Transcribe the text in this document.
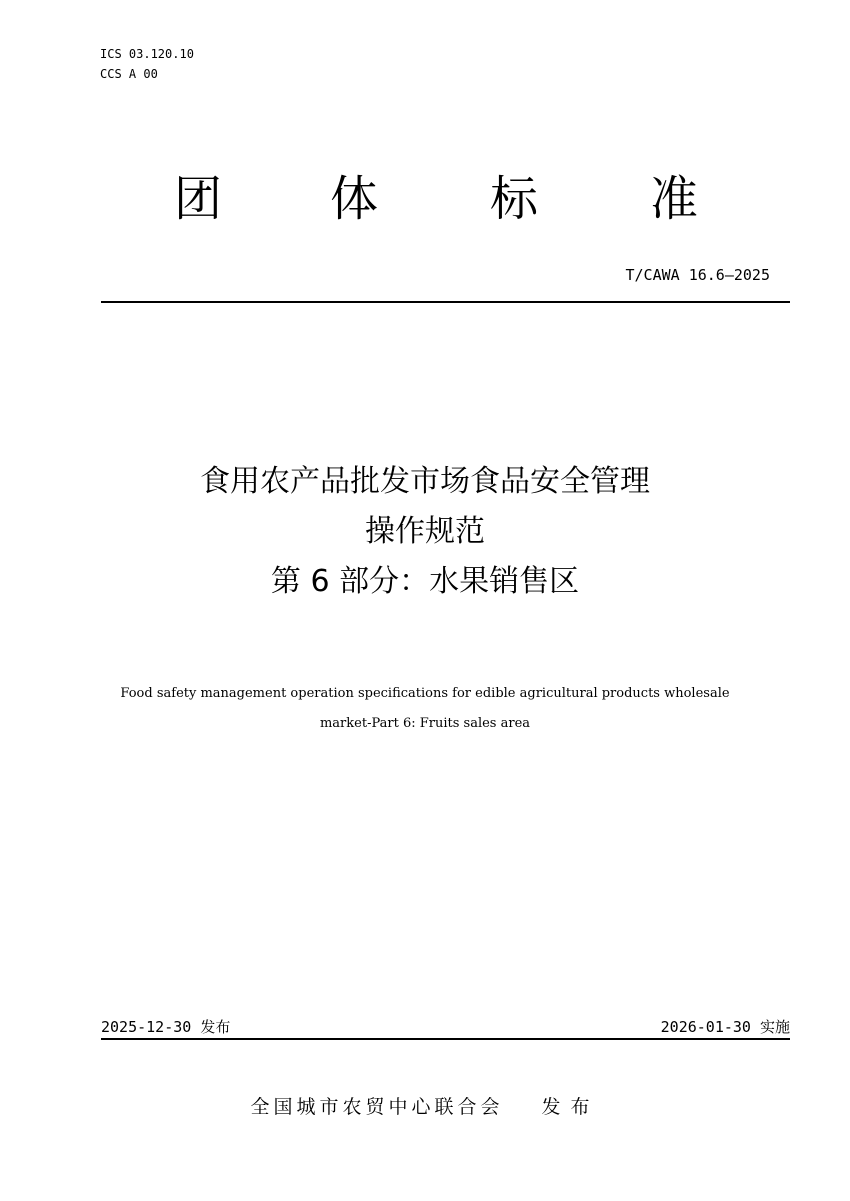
ICS 03.120.10
CCS A 00
团 体 标 准
T/CAWA 16.6—2025
食用农产品批发市场食品安全管理
操作规范
第 6 部分：水果销售区
Food safety management operation specifications for edible agricultural products wholesale
market-Part 6: Fruits sales area
2025-12-30 发布	2026-01-30 实施
全国城市农贸中心联合会 发布
